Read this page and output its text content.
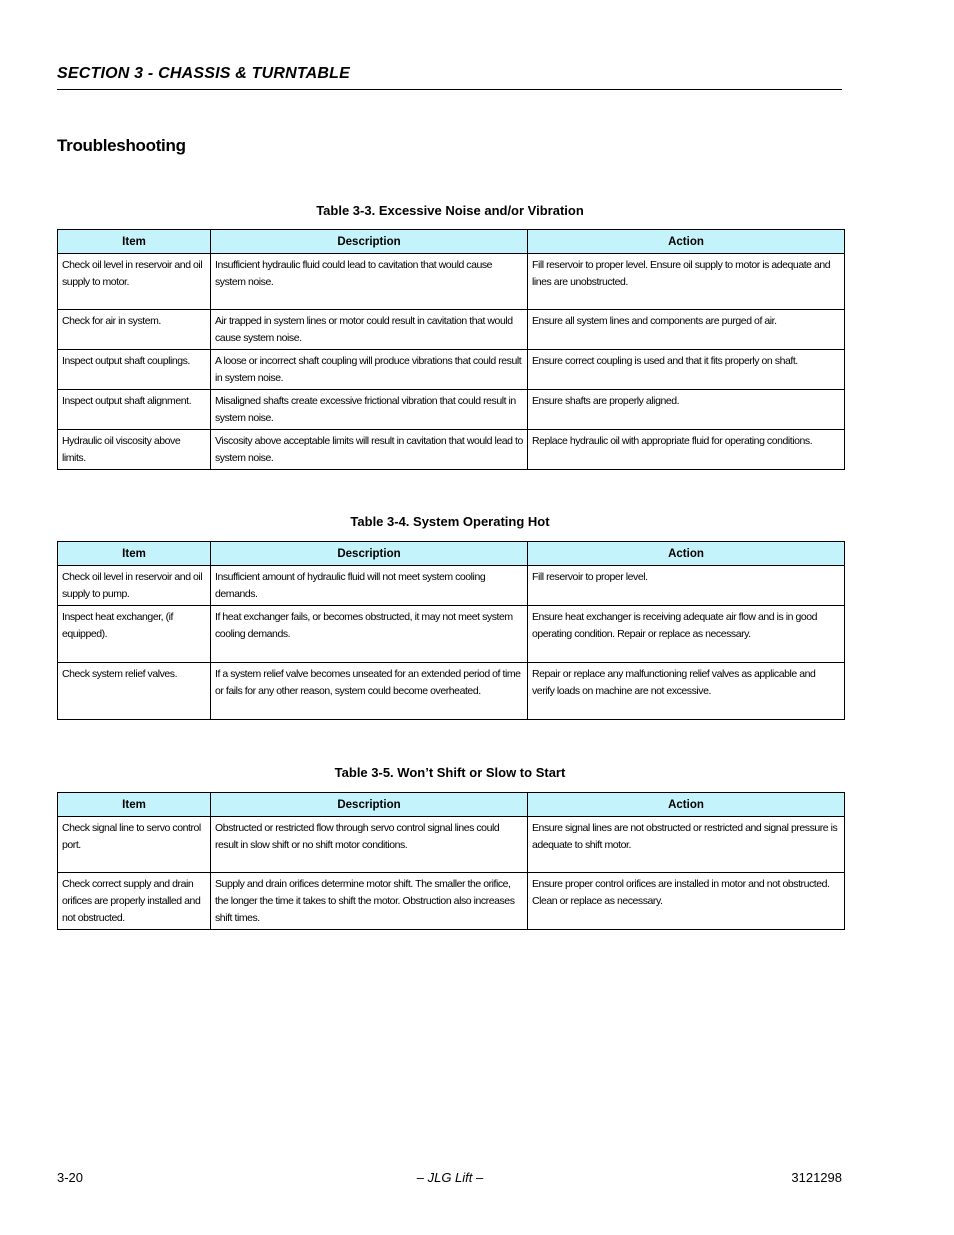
SECTION 3 - CHASSIS & TURNTABLE
Troubleshooting
Table 3-3. Excessive Noise and/or Vibration
Item	Description	Action
Check oil level in reservoir and oil supply to motor.	Insufficient hydraulic fluid could lead to cavitation that would cause system noise.	Fill reservoir to proper level. Ensure oil supply to motor is adequate and lines are unobstructed.
Check for air in system.	Air trapped in system lines or motor could result in cavitation that would cause system noise.	Ensure all system lines and components are purged of air.
Inspect output shaft couplings.	A loose or incorrect shaft coupling will produce vibrations that could result in system noise.	Ensure correct coupling is used and that it fits properly on shaft.
Inspect output shaft alignment.	Misaligned shafts create excessive frictional vibration that could result in system noise.	Ensure shafts are properly aligned.
Hydraulic oil viscosity above limits.	Viscosity above acceptable limits will result in cavitation that would lead to system noise.	Replace hydraulic oil with appropriate fluid for operating conditions.
Table 3-4. System Operating Hot
Item	Description	Action
Check oil level in reservoir and oil supply to pump.	Insufficient amount of hydraulic fluid will not meet system cooling demands.	Fill reservoir to proper level.
Inspect heat exchanger, (if equipped).	If heat exchanger fails, or becomes obstructed, it may not meet system cooling demands.	Ensure heat exchanger is receiving adequate air flow and is in good operating condition. Repair or replace as necessary.
Check system relief valves.	If a system relief valve becomes unseated for an extended period of time or fails for any other reason, system could become overheated.	Repair or replace any malfunctioning relief valves as applicable and verify loads on machine are not excessive.
Table 3-5. Won’t Shift or Slow to Start
Item	Description	Action
Check signal line to servo control port.	Obstructed or restricted flow through servo control signal lines could result in slow shift or no shift motor conditions.	Ensure signal lines are not obstructed or restricted and signal pressure is adequate to shift motor.
Check correct supply and drain orifices are properly installed and not obstructed.	Supply and drain orifices determine motor shift. The smaller the orifice, the longer the time it takes to shift the motor. Obstruction also increases shift times.	Ensure proper control orifices are installed in motor and not obstructed. Clean or replace as necessary.
3-20	– JLG Lift –	3121298
